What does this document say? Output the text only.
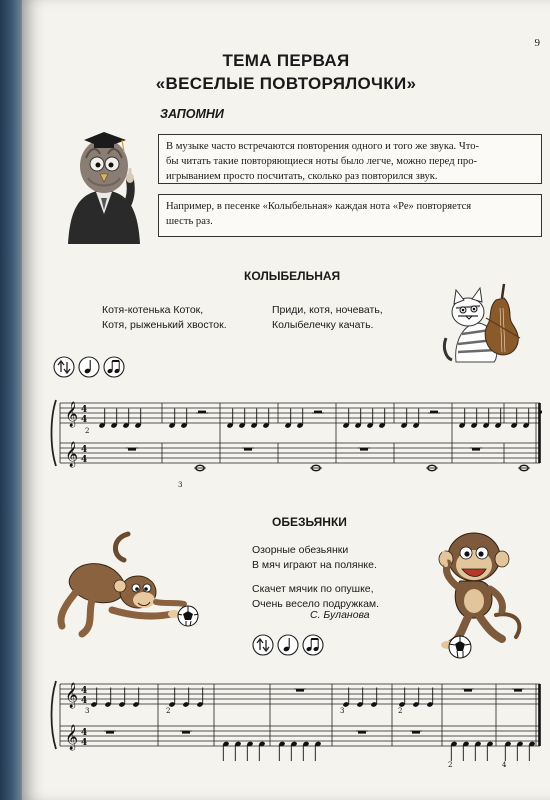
9
ТЕМА ПЕРВАЯ
«ВЕСЕЛЫЕ ПОВТОРЯЛОЧКИ»
ЗАПОМНИ
В музыке часто встречаются повторения одного и того же звука. Что-
бы читать такие повторяющиеся ноты было легче, можно перед про-
игрыванием просто посчитать, сколько раз повторился звук.
Например, в песенке «Колыбельная» каждая нота «Ре» повторяется
шесть раз.
КОЛЫБЕЛЬНАЯ
Котя-котенька Коток,
Котя, рыженький хвосток.
Приди, котя, ночевать,
Колыбелечку качать.
𝄞
𝄞
4
4
4
4
2
3
ОБЕЗЬЯНКИ
Озорные обезьянки
В мяч играют на полянке.
Скачет мячик по опушке,
Очень весело подружкам.
С. Буланова
𝄞
𝄞
4
4
4
4
3	2	3	2
2	4
